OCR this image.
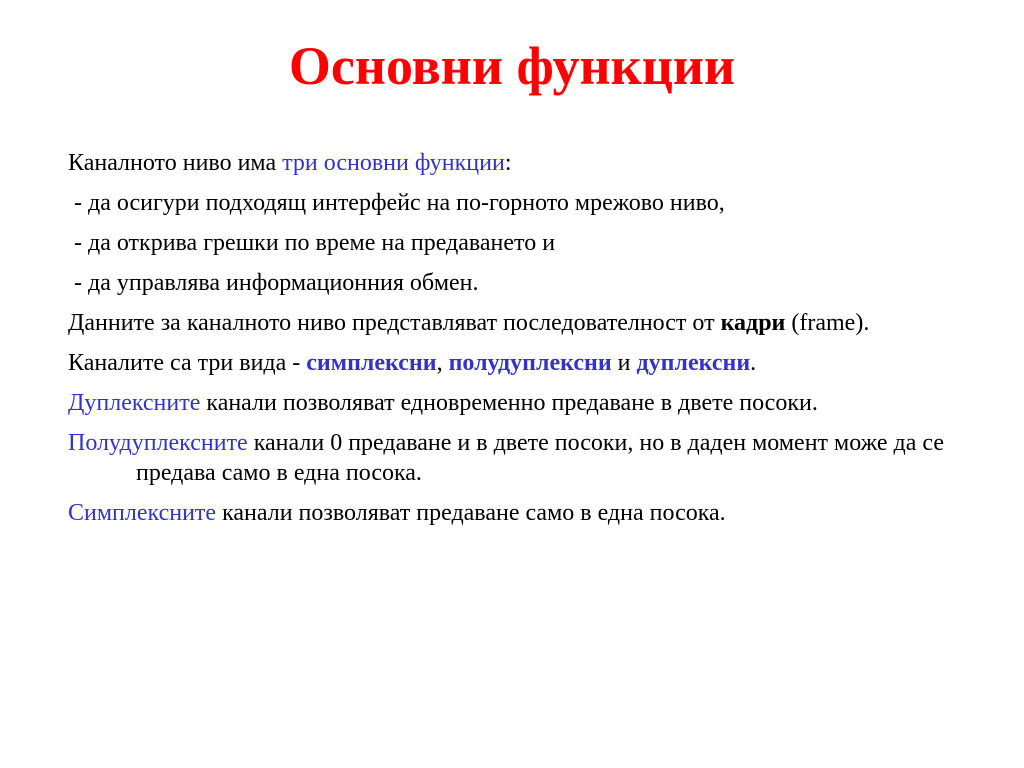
Основни функции
Каналното ниво има три основни функции:
- да осигури подходящ интерфейс на по-горното мрежово ниво,
- да открива грешки по време на предаването и
- да управлява информационния обмен.
Данните за каналното ниво представляват последователност от кадри (frame).
Каналите са три вида - симплексни, полудуплексни и дуплексни.
Дуплексните канали позволяват едновременно предаване в двете посоки.
Полудуплексните канали 0 предаване и в двете посоки, но в даден момент може да се предава само в една посока.
Симплексните канали позволяват предаване само в една посока.
